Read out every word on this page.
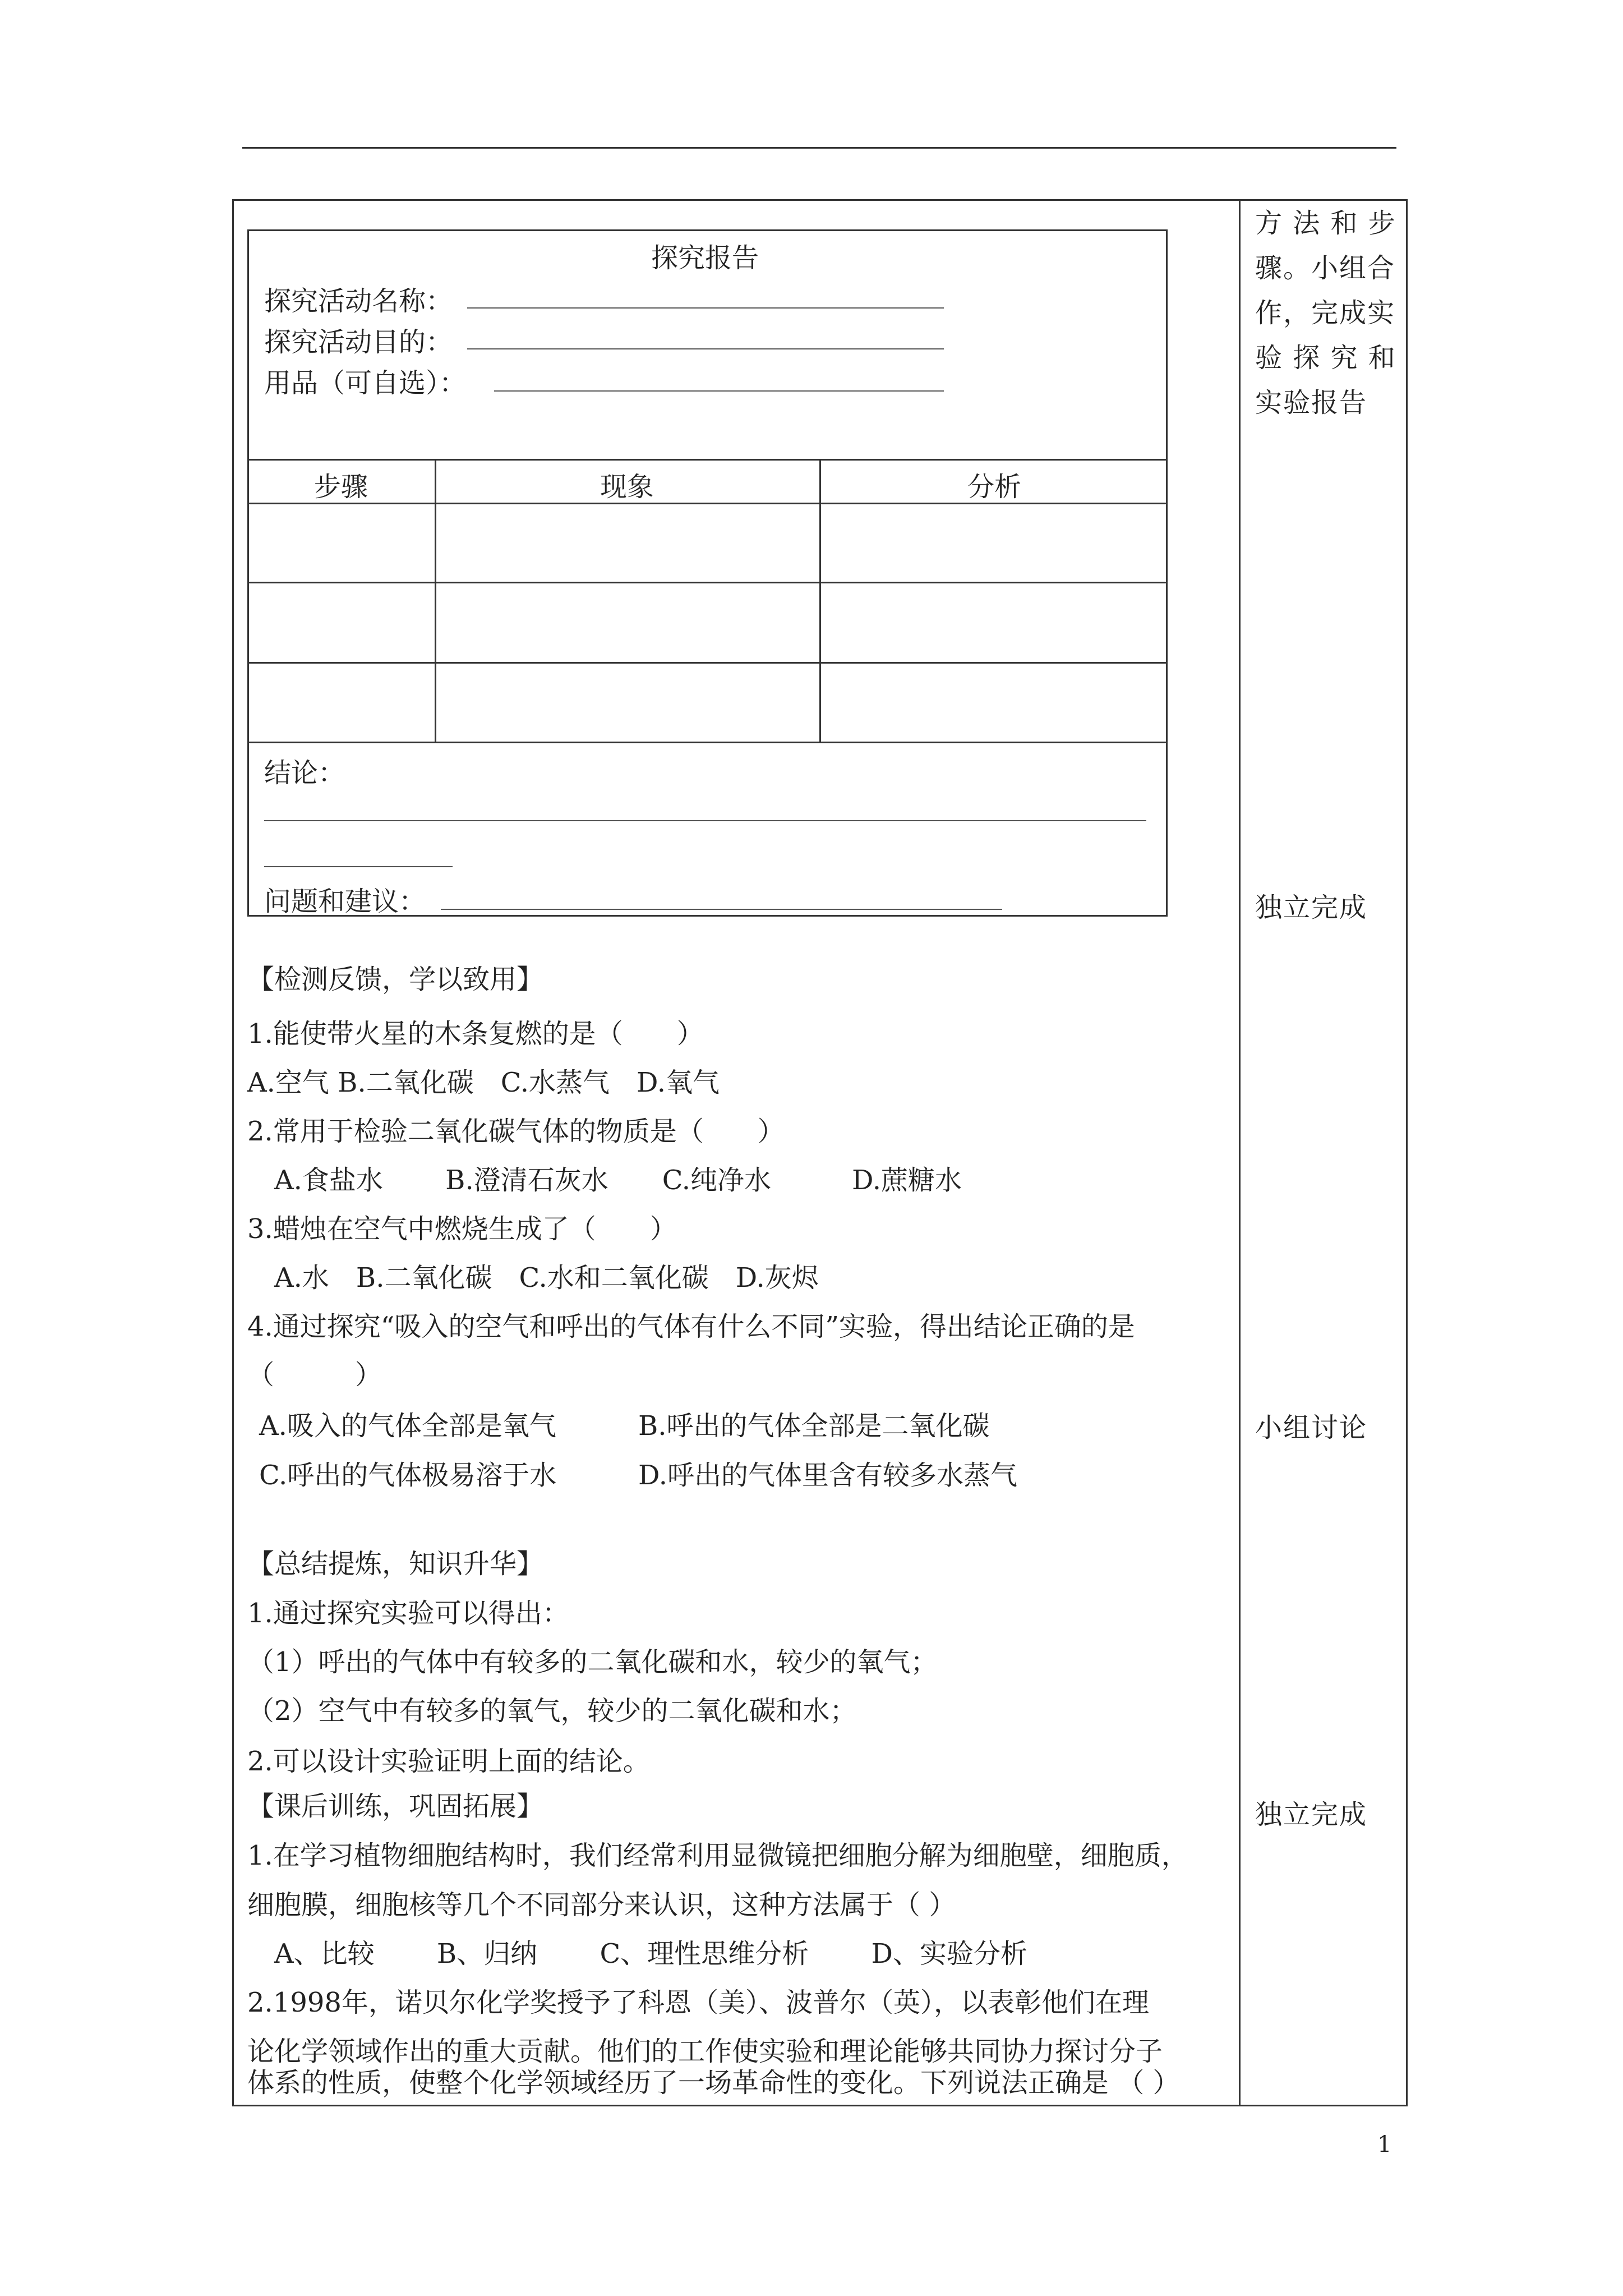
方 法 和 步
骤。小组合
作，完成实
验 探 究 和
实验报告
独立完成
小组讨论
独立完成
探究报告
探究活动名称：
探究活动目的：
用品（可自选）：
步骤	现象	分析
结论：
问题和建议：
【检测反馈，学以致用】
1.能使带火星的木条复燃的是（　　）
A.空气 B.二氧化碳　C.水蒸气　D.氧气
2.常用于检验二氧化碳气体的物质是（　　）
A.食盐水　　 B.澄清石灰水　　C.纯净水　　　D.蔗糖水
3.蜡烛在空气中燃烧生成了（　　）
A.水　B.二氧化碳　C.水和二氧化碳　D.灰烬
4.通过探究“吸入的空气和呼出的气体有什么不同”实验，得出结论正确的是
（　　　）
A.吸入的气体全部是氧气	B.呼出的气体全部是二氧化碳
C.呼出的气体极易溶于水	D.呼出的气体里含有较多水蒸气
【总结提炼，知识升华】
1.通过探究实验可以得出：
（1）呼出的气体中有较多的二氧化碳和水，较少的氧气；
（2）空气中有较多的氧气，较少的二氧化碳和水；
2.可以设计实验证明上面的结论。
【课后训练，巩固拓展】
1.在学习植物细胞结构时，我们经常利用显微镜把细胞分解为细胞壁，细胞质，
细胞膜，细胞核等几个不同部分来认识，这种方法属于（ ）
A、比较　　 B、归纳　　 C、理性思维分析　　 D、实验分析
2.1998年，诺贝尔化学奖授予了科恩（美）、波普尔（英），以表彰他们在理
论化学领域作出的重大贡献。他们的工作使实验和理论能够共同协力探讨分子
体系的性质，使整个化学领域经历了一场革命性的变化。下列说法正确是 （ ）
1
